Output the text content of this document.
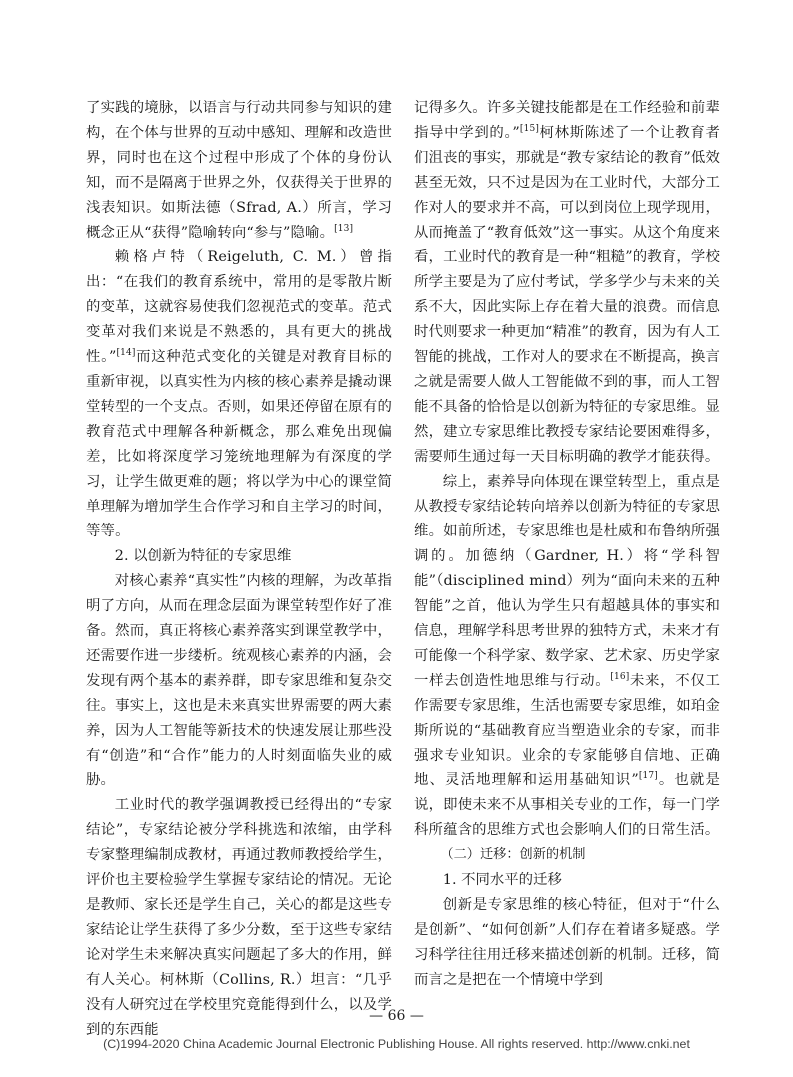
了实践的境脉，以语言与行动共同参与知识的建构，在个体与世界的互动中感知、理解和改造世界，同时也在这个过程中形成了个体的身份认知，而不是隔离于世界之外，仅获得关于世界的浅表知识。如斯法德（Sfrad, A.）所言，学习概念正从“获得”隐喻转向“参与”隐喻。[13]

赖格卢特（Reigeluth, C. M.）曾指出：“在我们的教育系统中，常用的是零散片断的变革，这就容易使我们忽视范式的变革。范式变革对我们来说是不熟悉的，具有更大的挑战性。”[14]而这种范式变化的关键是对教育目标的重新审视，以真实性为内核的核心素养是撬动课堂转型的一个支点。否则，如果还停留在原有的教育范式中理解各种新概念，那么难免出现偏差，比如将深度学习笼统地理解为有深度的学习，让学生做更难的题；将以学为中心的课堂简单理解为增加学生合作学习和自主学习的时间，等等。

2. 以创新为特征的专家思维

对核心素养“真实性”内核的理解，为改革指明了方向，从而在理念层面为课堂转型作好了准备。然而，真正将核心素养落实到课堂教学中，还需要作进一步缕析。统观核心素养的内涵，会发现有两个基本的素养群，即专家思维和复杂交往。事实上，这也是未来真实世界需要的两大素养，因为人工智能等新技术的快速发展让那些没有“创造”和“合作”能力的人时刻面临失业的威胁。

工业时代的教学强调教授已经得出的“专家结论”，专家结论被分学科挑选和浓缩，由学科专家整理编制成教材，再通过教师教授给学生，评价也主要检验学生掌握专家结论的情况。无论是教师、家长还是学生自己，关心的都是这些专家结论让学生获得了多少分数，至于这些专家结论对学生未来解决真实问题起了多大的作用，鲜有人关心。柯林斯（Collins, R.）坦言：“几乎没有人研究过在学校里究竟能得到什么，以及学到的东西能

记得多久。许多关键技能都是在工作经验和前辈指导中学到的。”[15]柯林斯陈述了一个让教育者们沮丧的事实，那就是“教专家结论的教育”低效甚至无效，只不过是因为在工业时代，大部分工作对人的要求并不高，可以到岗位上现学现用，从而掩盖了“教育低效”这一事实。从这个角度来看，工业时代的教育是一种“粗糙”的教育，学校所学主要是为了应付考试，学多学少与未来的关系不大，因此实际上存在着大量的浪费。而信息时代则要求一种更加“精准”的教育，因为有人工智能的挑战，工作对人的要求在不断提高，换言之就是需要人做人工智能做不到的事，而人工智能不具备的恰恰是以创新为特征的专家思维。显然，建立专家思维比教授专家结论要困难得多，需要师生通过每一天目标明确的教学才能获得。

综上，素养导向体现在课堂转型上，重点是从教授专家结论转向培养以创新为特征的专家思维。如前所述，专家思维也是杜威和布鲁纳所强调的。加德纳（Gardner, H.）将“学科智能”（disciplined mind）列为“面向未来的五种智能”之首，他认为学生只有超越具体的事实和信息，理解学科思考世界的独特方式，未来才有可能像一个科学家、数学家、艺术家、历史学家一样去创造性地思维与行动。[16]未来，不仅工作需要专家思维，生活也需要专家思维，如珀金斯所说的“基础教育应当塑造业余的专家，而非强求专业知识。业余的专家能够自信地、正确地、灵活地理解和运用基础知识”[17]。也就是说，即使未来不从事相关专业的工作，每一门学科所蕴含的思维方式也会影响人们的日常生活。

（二）迁移：创新的机制

1. 不同水平的迁移

创新是专家思维的核心特征，但对于“什么是创新”、“如何创新”人们存在着诸多疑惑。学习科学往往用迁移来描述创新的机制。迁移，简而言之是把在一个情境中学到

— 66 —
(C)1994-2020 China Academic Journal Electronic Publishing House. All rights reserved. http://www.cnki.net
